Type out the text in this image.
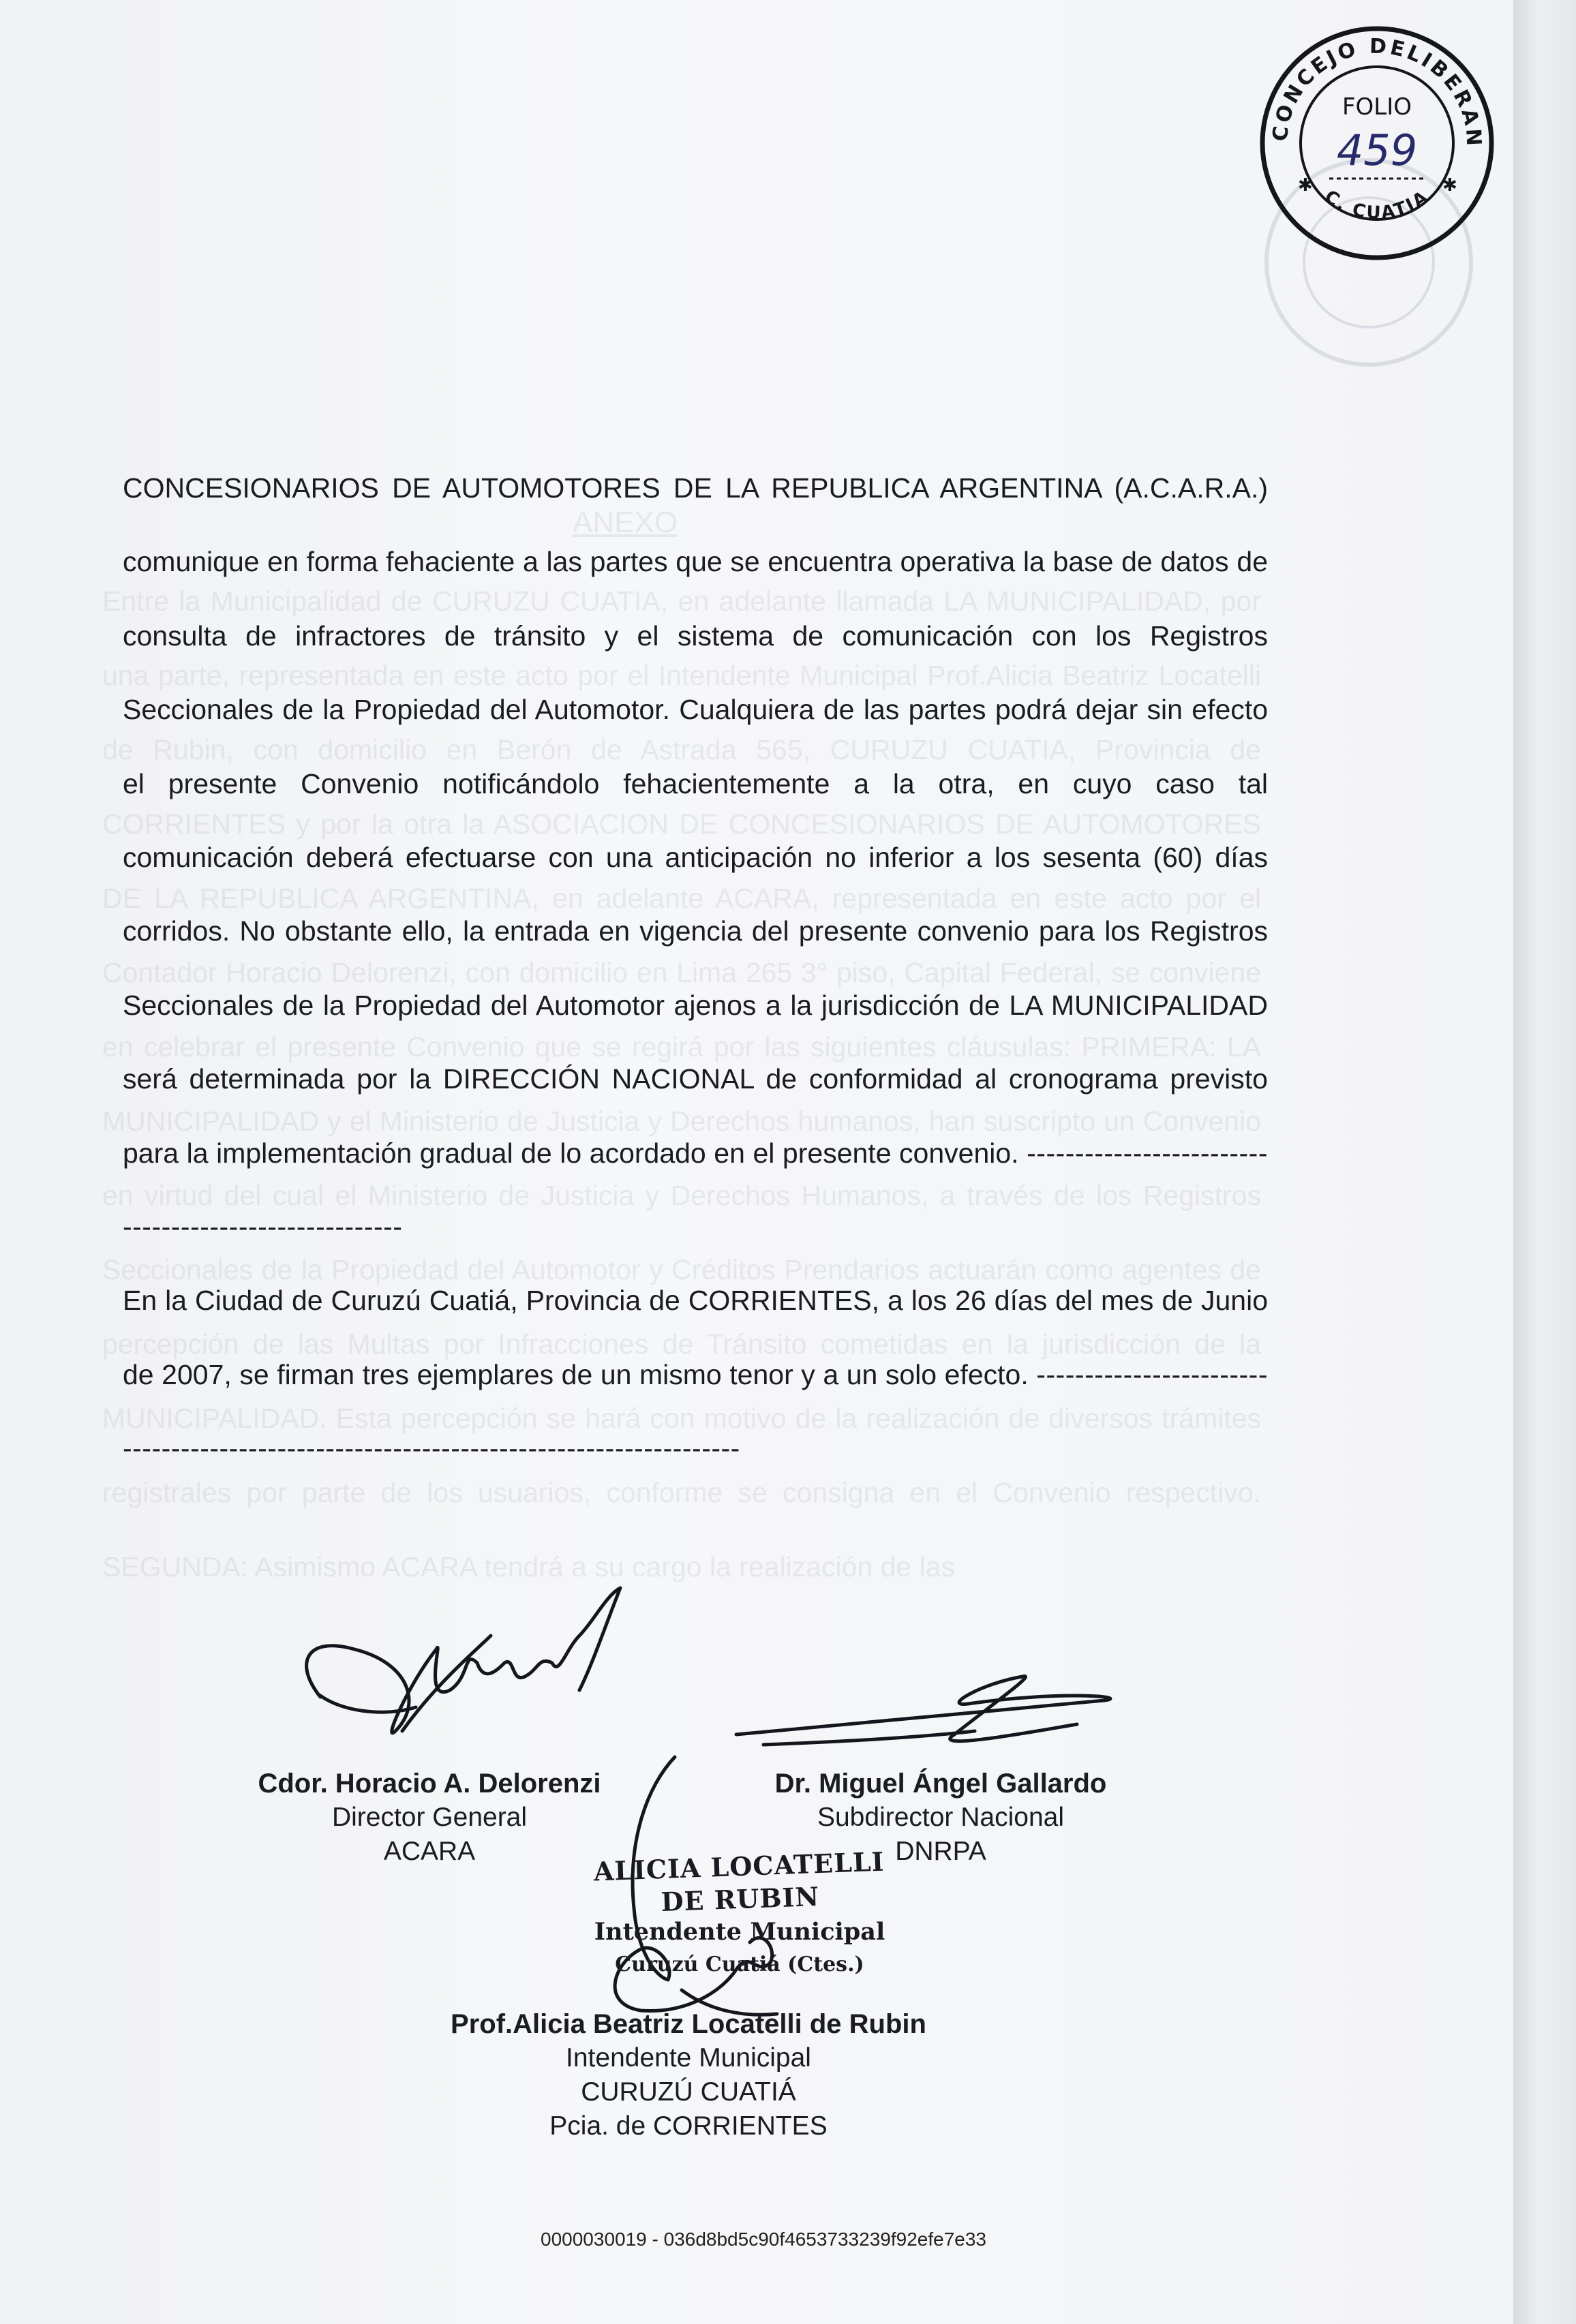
ANEXO
Entre la Municipalidad de CURUZU CUATIA, en adelante llamada LA MUNICIPALIDAD, por una parte, representada en este acto por el Intendente Municipal Prof.Alicia Beatriz Locatelli de Rubin, con domicilio en Berón de Astrada 565, CURUZU CUATIA, Provincia de CORRIENTES y por la otra la ASOCIACION DE CONCESIONARIOS DE AUTOMOTORES DE LA REPUBLICA ARGENTINA, en adelante ACARA, representada en este acto por el Contador Horacio Delorenzi, con domicilio en Lima 265 3° piso, Capital Federal, se conviene en celebrar el presente Convenio que se regirá por las siguientes cláusulas: PRIMERA: LA MUNICIPALIDAD y el Ministerio de Justicia y Derechos humanos, han suscripto un Convenio en virtud del cual el Ministerio de Justicia y Derechos Humanos, a través de los Registros Seccionales de la Propiedad del Automotor y Créditos Prendarios actuarán como agentes de percepción de las Multas por Infracciones de Tránsito cometidas en la jurisdicción de la MUNICIPALIDAD. Esta percepción se hará con motivo de la realización de diversos trámites registrales por parte de los usuarios, conforme se consigna en el Convenio respectivo. SEGUNDA: Asimismo ACARA tendrá a su cargo la realización de las
CONCEJO DELIBERAN
C. CUATIA
FOLIO
459
✱	✱

CONCESIONARIOS DE AUTOMOTORES DE LA REPUBLICA ARGENTINA (A.C.A.R.A.) comunique en forma fehaciente a las partes que se encuentra operativa la base de datos de consulta de infractores de tránsito y el sistema de comunicación con los Registros Seccionales de la Propiedad del Automotor. Cualquiera de las partes podrá dejar sin efecto el presente Convenio notificándolo fehacientemente a la otra, en cuyo caso tal comunicación deberá efectuarse con una anticipación no inferior a los sesenta (60) días corridos. No obstante ello, la entrada en vigencia del presente convenio para los Registros Seccionales de la Propiedad del Automotor ajenos a la jurisdicción de LA MUNICIPALIDAD será determinada por la DIRECCIÓN NACIONAL de conformidad al cronograma previsto para la implementación gradual de lo acordado en el presente convenio. ------------------------------------------------------

En la Ciudad de Curuzú Cuatiá, Provincia de CORRIENTES, a los 26 días del mes de Junio de 2007, se firman tres ejemplares de un mismo tenor y a un solo efecto. ----------------------------------------------------------------------------------------

ALICIA LOCATELLI DE RUBIN
Intendente Municipal
Curuzú Cuatiá (Ctes.)
Cdor. Horacio A. Delorenzi
Director General
ACARA
Dr. Miguel Ángel Gallardo
Subdirector Nacional
DNRPA
Prof.Alicia Beatriz Locatelli de Rubin
Intendente Municipal
CURUZÚ CUATIÁ
Pcia. de CORRIENTES
0000030019 - 036d8bd5c90f4653733239f92efe7e33
